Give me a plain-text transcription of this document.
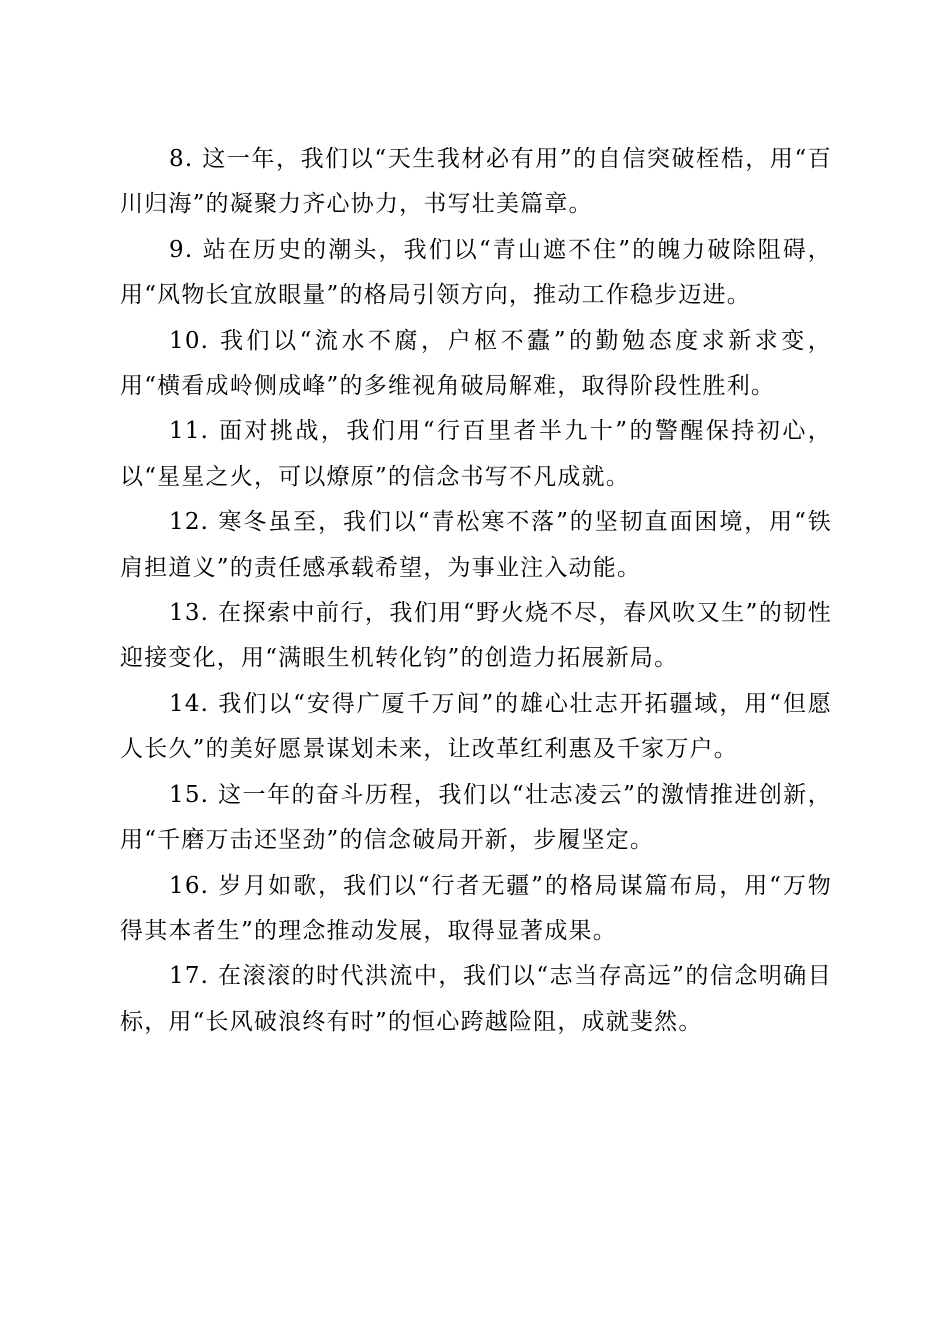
8. 这一年，我们以“天生我材必有用”的自信突破桎梏，用“百川归海”的凝聚力齐心协力，书写壮美篇章。

9. 站在历史的潮头，我们以“青山遮不住”的魄力破除阻碍，用“风物长宜放眼量”的格局引领方向，推动工作稳步迈进。

10. 我们以“流水不腐，户枢不蠹”的勤勉态度求新求变，用“横看成岭侧成峰”的多维视角破局解难，取得阶段性胜利。

11. 面对挑战，我们用“行百里者半九十”的警醒保持初心，以“星星之火，可以燎原”的信念书写不凡成就。

12. 寒冬虽至，我们以“青松寒不落”的坚韧直面困境，用“铁肩担道义”的责任感承载希望，为事业注入动能。

13. 在探索中前行，我们用“野火烧不尽，春风吹又生”的韧性迎接变化，用“满眼生机转化钧”的创造力拓展新局。

14. 我们以“安得广厦千万间”的雄心壮志开拓疆域，用“但愿人长久”的美好愿景谋划未来，让改革红利惠及千家万户。

15. 这一年的奋斗历程，我们以“壮志凌云”的激情推进创新，用“千磨万击还坚劲”的信念破局开新，步履坚定。

16. 岁月如歌，我们以“行者无疆”的格局谋篇布局，用“万物得其本者生”的理念推动发展，取得显著成果。

17. 在滚滚的时代洪流中，我们以“志当存高远”的信念明确目标，用“长风破浪终有时”的恒心跨越险阻，成就斐然。
